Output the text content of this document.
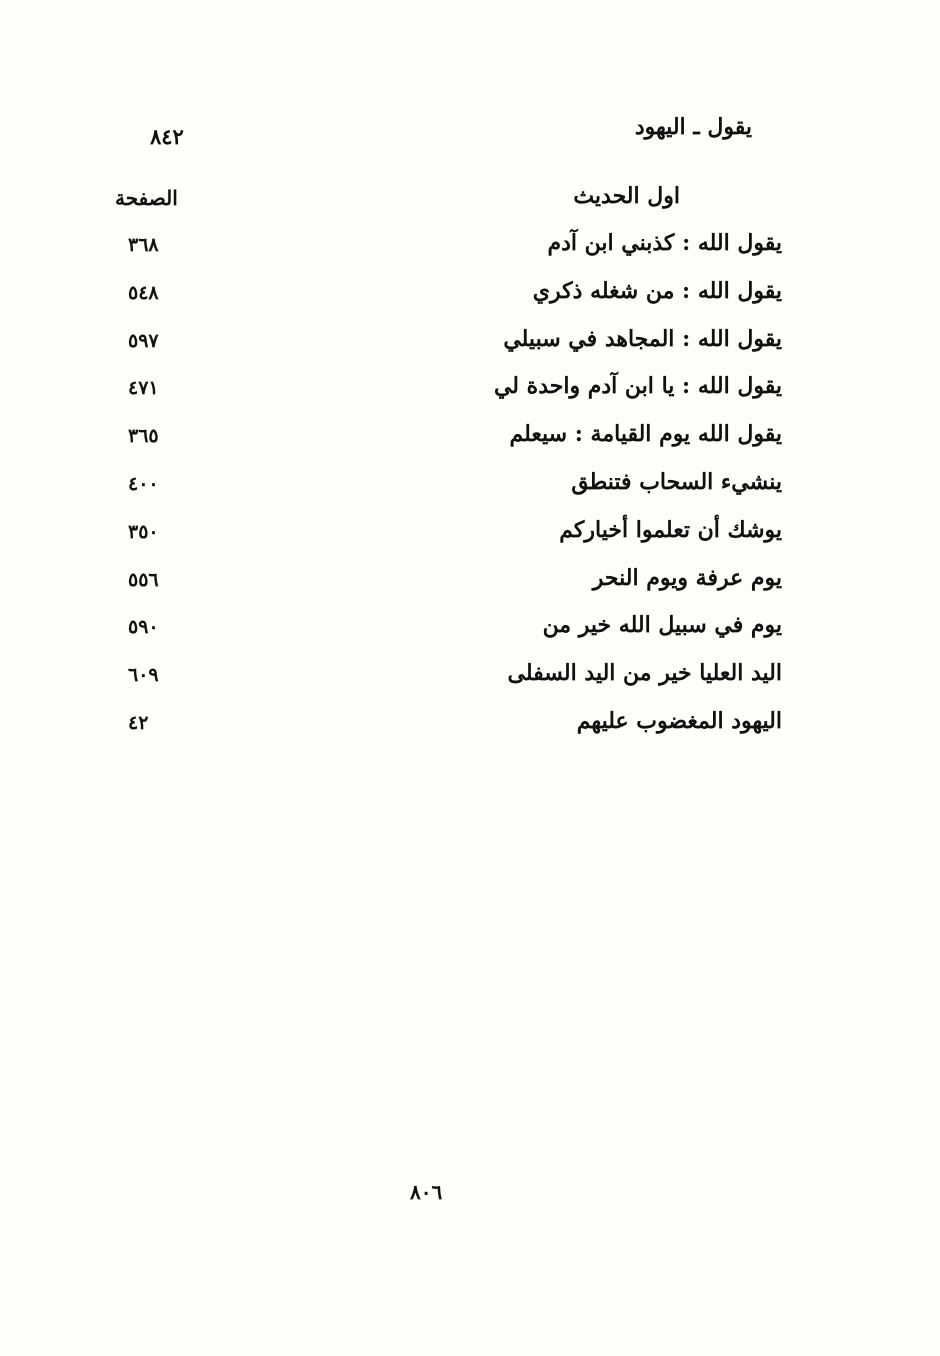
يقول ـ اليهود
٨٤٢
اول الحديث
الصفحة
يقول الله : كذبني ابن آدم
٣٦٨
يقول الله : من شغله ذكري
٥٤٨
يقول الله : المجاهد في سبيلي
٥٩٧
يقول الله : يا ابن آدم واحدة لي
٤٧١
يقول الله يوم القيامة : سيعلم
٣٦٥
ينشيء السحاب فتنطق
٤٠٠
يوشك أن تعلموا أخياركم
٣٥٠
يوم عرفة ويوم النحر
٥٥٦
يوم في سبيل الله خير من
٥٩٠
اليد العليا خير من اليد السفلى
٦٠٩
اليهود المغضوب عليهم
٤٢
٨٠٦
